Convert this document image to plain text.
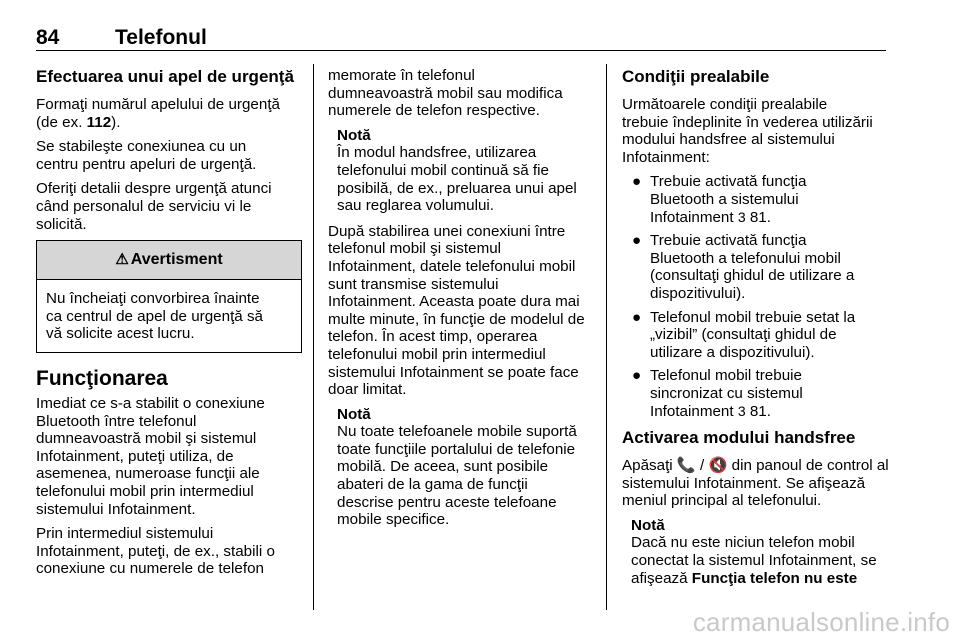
84	Telefonul
Efectuarea unui apel de urgenţă

Formaţi numărul apelului de urgenţă
(de ex. 112).

Se stabileşte conexiunea cu un
centru pentru apeluri de urgenţă.

Oferiţi detalii despre urgenţă atunci
când personalul de serviciu vi le
solicită.

⚠ Avertisment
Nu încheiaţi convorbirea înainte
ca centrul de apel de urgenţă să
vă solicite acest lucru.
Funcţionarea

Imediat ce s-a stabilit o conexiune
Bluetooth între telefonul
dumneavoastră mobil şi sistemul
Infotainment, puteţi utiliza, de
asemenea, numeroase funcţii ale
telefonului mobil prin intermediul
sistemului Infotainment.

Prin intermediul sistemului
Infotainment, puteţi, de ex., stabili o
conexiune cu numerele de telefon

memorate în telefonul
dumneavoastră mobil sau modifica
numerele de telefon respective.

Notă
În modul handsfree, utilizarea
telefonului mobil continuă să fie
posibilă, de ex., preluarea unui apel
sau reglarea volumului.

După stabilirea unei conexiuni între
telefonul mobil şi sistemul
Infotainment, datele telefonului mobil
sunt transmise sistemului
Infotainment. Aceasta poate dura mai
multe minute, în funcţie de modelul de
telefon. În acest timp, operarea
telefonului mobil prin intermediul
sistemului Infotainment se poate face
doar limitat.

Notă
Nu toate telefoanele mobile suportă
toate funcţiile portalului de telefonie
mobilă. De aceea, sunt posibile
abateri de la gama de funcţii
descrise pentru aceste telefoane
mobile specifice.
Condiţii prealabile

Următoarele condiţii prealabile
trebuie îndeplinite în vederea utilizării
modului handsfree al sistemului
Infotainment:

● Trebuie activată funcţia
Bluetooth a sistemului
Infotainment 3 81.
● Trebuie activată funcţia
Bluetooth a telefonului mobil
(consultaţi ghidul de utilizare a
dispozitivului).
● Telefonul mobil trebuie setat la
„vizibil” (consultaţi ghidul de
utilizare a dispozitivului).
● Telefonul mobil trebuie
sincronizat cu sistemul
Infotainment 3 81.
Activarea modului handsfree

Apăsaţi 📞 / 🔇 din panoul de control al
sistemului Infotainment. Se afişează
meniul principal al telefonului.

Notă
Dacă nu este niciun telefon mobil
conectat la sistemul Infotainment, se
afişează Funcţia telefon nu este
carmanualsonline.info
